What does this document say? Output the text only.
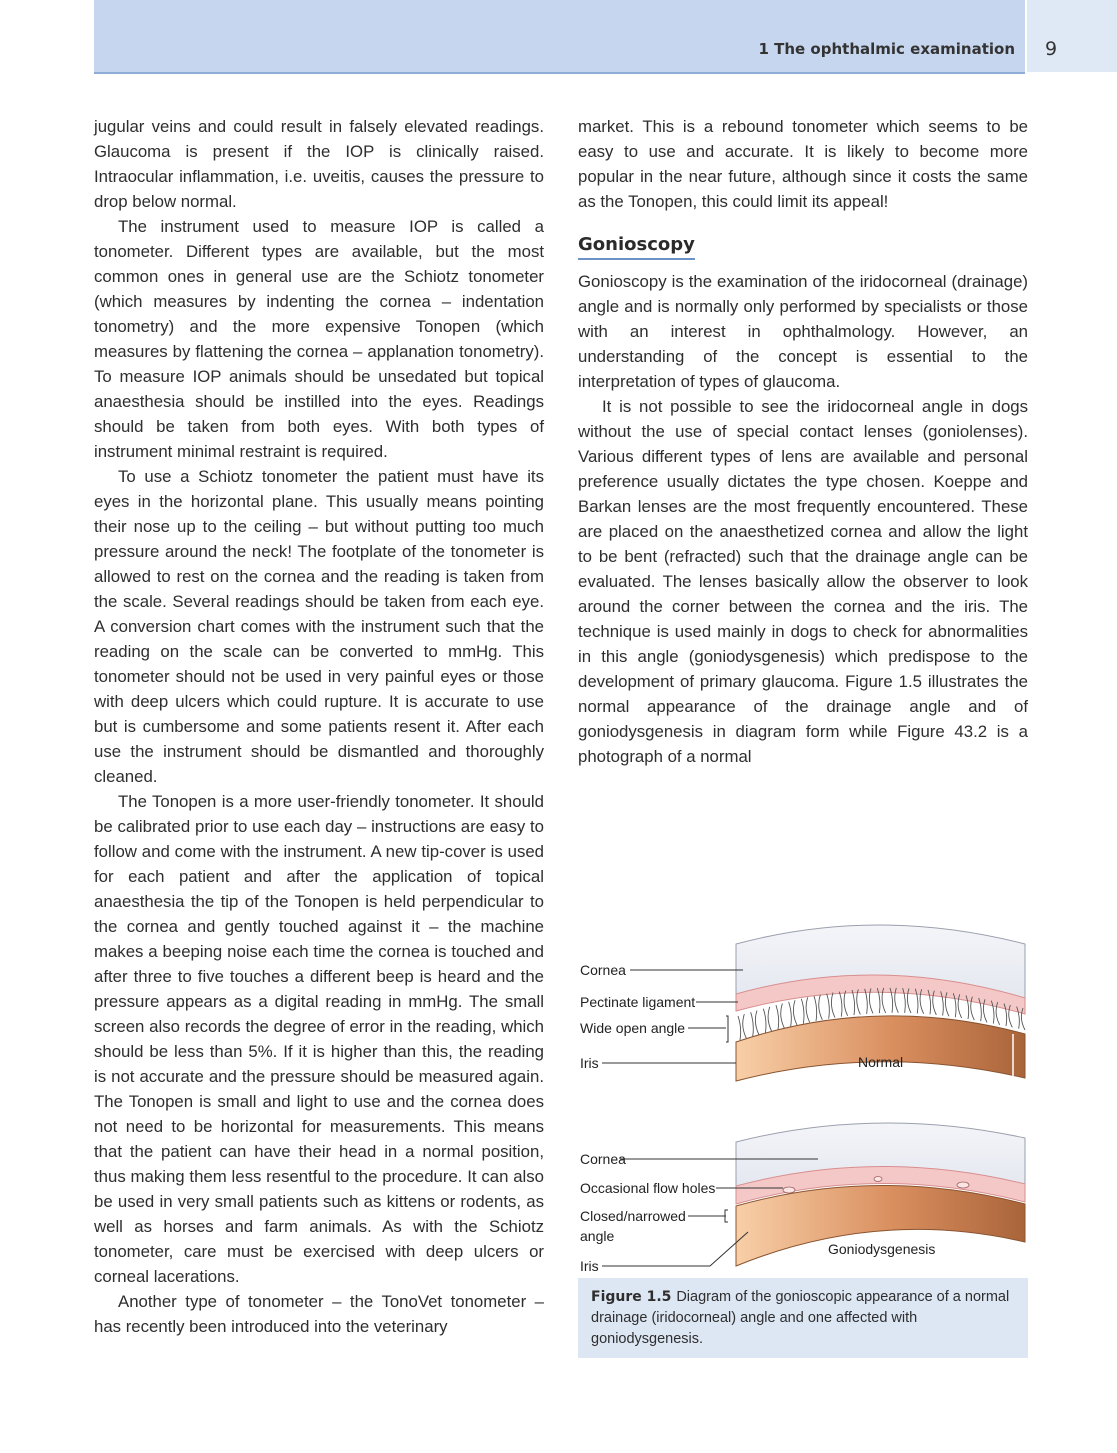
1 The ophthalmic examination 9

jugular veins and could result in falsely elevated readings. Glaucoma is present if the IOP is clinically raised. Intraocular inflammation, i.e. uveitis, causes the pressure to drop below normal.

The instrument used to measure IOP is called a tonometer. Different types are available, but the most common ones in general use are the Schiotz tonometer (which measures by indenting the cornea – indentation tonometry) and the more expensive Tonopen (which measures by flattening the cornea – applanation tonometry). To measure IOP animals should be unsedated but topical anaesthesia should be instilled into the eyes. Readings should be taken from both eyes. With both types of instrument minimal restraint is required.

To use a Schiotz tonometer the patient must have its eyes in the horizontal plane. This usually means pointing their nose up to the ceiling – but without putting too much pressure around the neck! The footplate of the tonometer is allowed to rest on the cornea and the reading is taken from the scale. Several readings should be taken from each eye. A conversion chart comes with the instrument such that the reading on the scale can be converted to mmHg. This tonometer should not be used in very painful eyes or those with deep ulcers which could rupture. It is accurate to use but is cumbersome and some patients resent it. After each use the instrument should be dismantled and thoroughly cleaned.

The Tonopen is a more user-friendly tonometer. It should be calibrated prior to use each day – instructions are easy to follow and come with the instrument. A new tip-cover is used for each patient and after the application of topical anaesthesia the tip of the Tonopen is held perpendicular to the cornea and gently touched against it – the machine makes a beeping noise each time the cornea is touched and after three to five touches a different beep is heard and the pressure appears as a digital reading in mmHg. The small screen also records the degree of error in the reading, which should be less than 5%. If it is higher than this, the reading is not accurate and the pressure should be measured again. The Tonopen is small and light to use and the cornea does not need to be horizontal for measurements. This means that the patient can have their head in a normal position, thus making them less resentful to the procedure. It can also be used in very small patients such as kittens or rodents, as well as horses and farm animals. As with the Schiotz tonometer, care must be exercised with deep ulcers or corneal lacerations.

Another type of tonometer – the TonoVet tonometer – has recently been introduced into the veterinary

market. This is a rebound tonometer which seems to be easy to use and accurate. It is likely to become more popular in the near future, although since it costs the same as the Tonopen, this could limit its appeal!

Gonioscopy

Gonioscopy is the examination of the iridocorneal (drainage) angle and is normally only performed by specialists or those with an interest in ophthalmology. However, an understanding of the concept is essential to the interpretation of types of glaucoma.

It is not possible to see the iridocorneal angle in dogs without the use of special contact lenses (goniolenses). Various different types of lens are available and personal preference usually dictates the type chosen. Koeppe and Barkan lenses are the most frequently encountered. These are placed on the anaesthetized cornea and allow the light to be bent (refracted) such that the drainage angle can be evaluated. The lenses basically allow the observer to look around the corner between the cornea and the iris. The technique is used mainly in dogs to check for abnormalities in this angle (goniodysgenesis) which predispose to the development of primary glaucoma. Figure 1.5 illustrates the normal appearance of the drainage angle and of goniodysgenesis in diagram form while Figure 43.2 is a photograph of a normal

Cornea
Pectinate ligament
Wide open angle
Iris	Normal
Cornea
Occasional flow holes
Closed/narrowed
angle
Iris
Goniodysgenesis
Figure 1.5 Diagram of the gonioscopic appearance of a normal drainage (iridocorneal) angle and one affected with goniodysgenesis.
